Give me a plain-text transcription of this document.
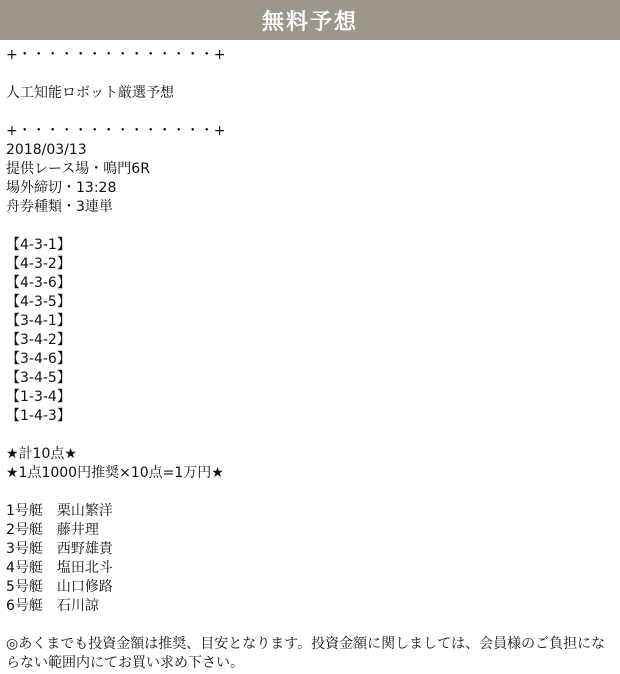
無料予想
+・・・・・・・・・・・・・・+
人工知能ロボット厳選予想
+・・・・・・・・・・・・・・+
2018/03/13
提供レース場・鳴門6R
場外締切・13:28
舟券種類・3連単
【4-3-1】
【4-3-2】
【4-3-6】
【4-3-5】
【3-4-1】
【3-4-2】
【3-4-6】
【3-4-5】
【1-3-4】
【1-4-3】
★計10点★
★1点1000円推奨×10点=1万円★
1号艇　栗山繁洋
2号艇　藤井理
3号艇　西野雄貴
4号艇　塩田北斗
5号艇　山口修路
6号艇　石川諒
◎あくまでも投資金額は推奨、目安となります。投資金額に関しましては、会員様のご負担にならない範囲内にてお買い求め下さい。
